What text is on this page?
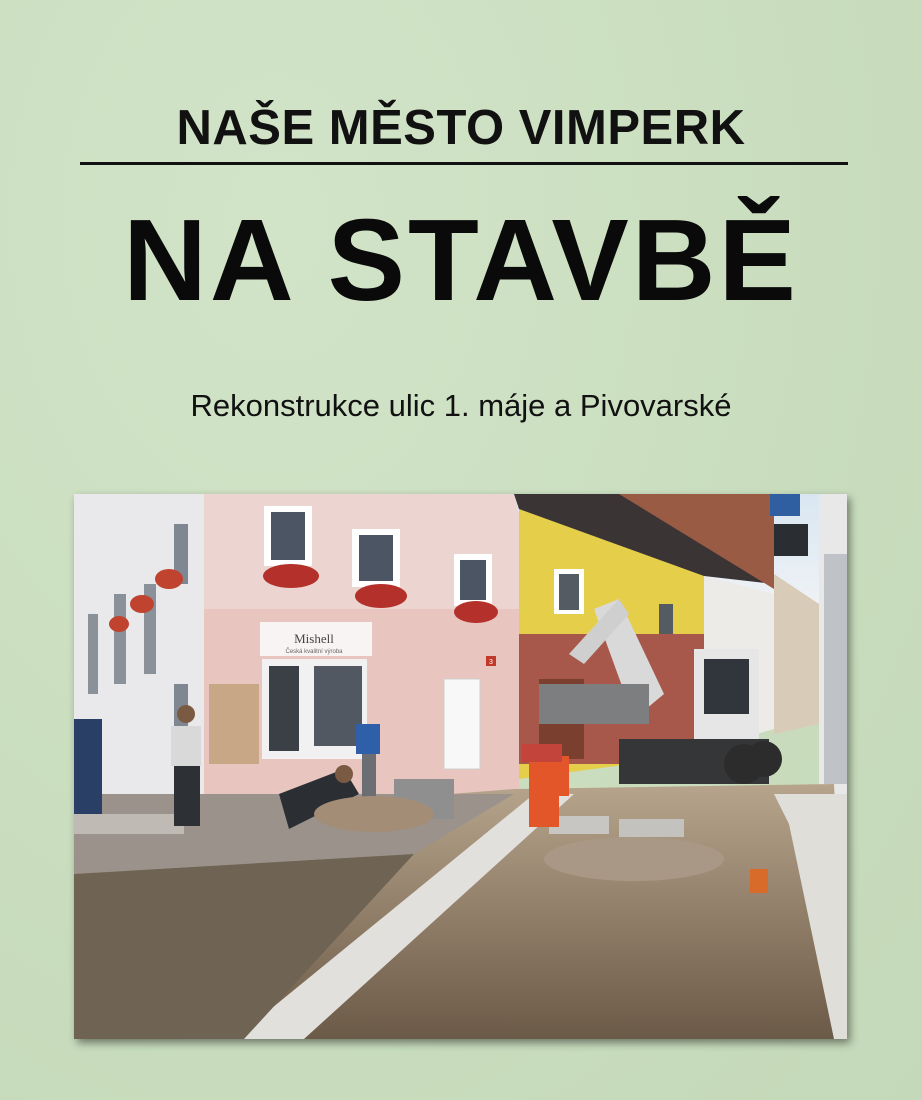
NAŠE MĚSTO VIMPERK
NA STAVBĚ
Rekonstrukce ulic 1. máje a Pivovarské
Mishell
Česká kvalitní výroba
3
